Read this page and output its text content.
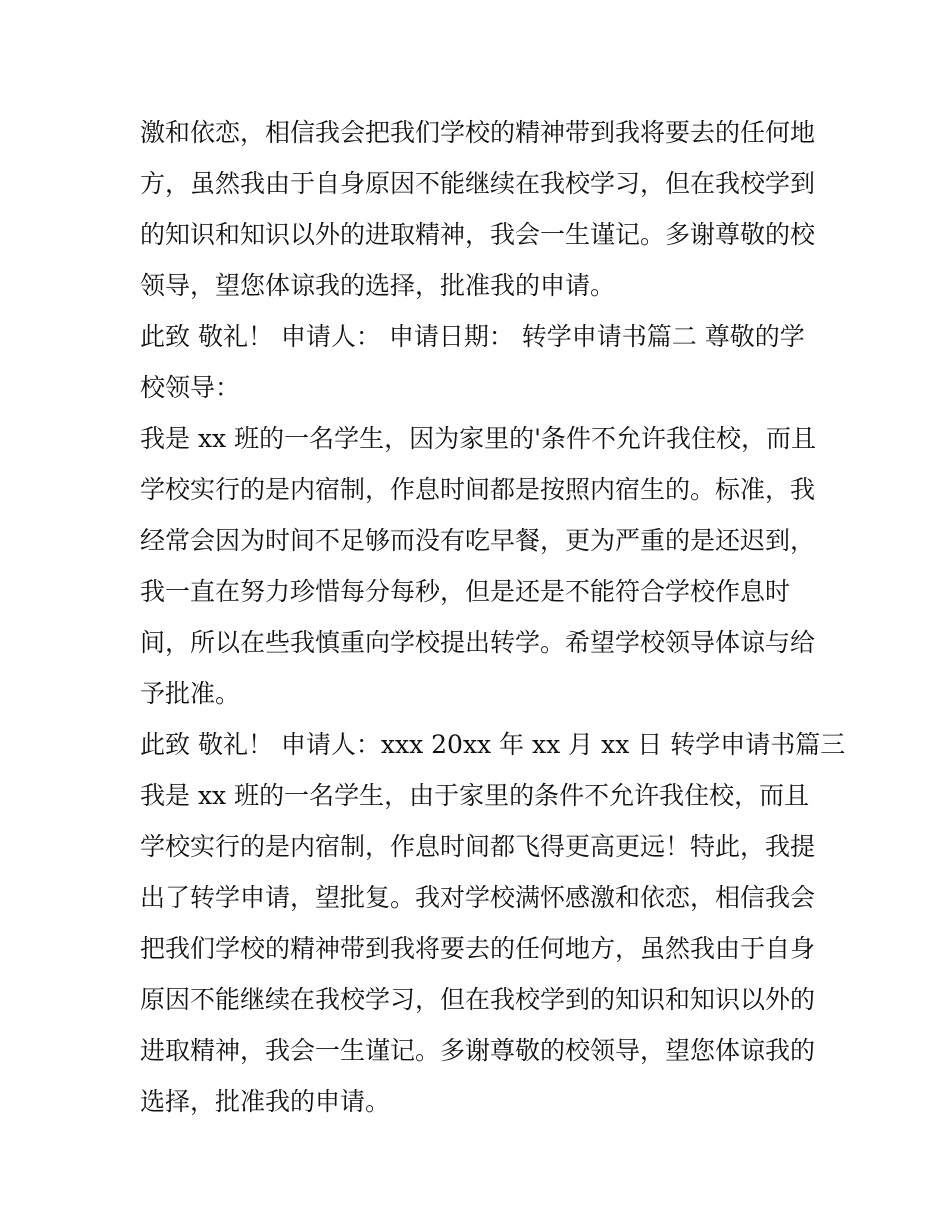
激和依恋，相信我会把我们学校的精神带到我将要去的任何地
方，虽然我由于自身原因不能继续在我校学习，但在我校学到
的知识和知识以外的进取精神，我会一生谨记。多谢尊敬的校
领导，望您体谅我的选择，批准我的申请。
此致 敬礼！ 申请人： 申请日期： 转学申请书篇二 尊敬的学
校领导：
我是 xx 班的一名学生，因为家里的'条件不允许我住校，而且
学校实行的是内宿制，作息时间都是按照内宿生的。标准，我
经常会因为时间不足够而没有吃早餐，更为严重的是还迟到，
我一直在努力珍惜每分每秒，但是还是不能符合学校作息时
间，所以在些我慎重向学校提出转学。希望学校领导体谅与给
予批准。
此致 敬礼！ 申请人：xxx 20xx 年 xx 月 xx 日 转学申请书篇三
我是 xx 班的一名学生，由于家里的条件不允许我住校，而且
学校实行的是内宿制，作息时间都飞得更高更远！特此，我提
出了转学申请，望批复。我对学校满怀感激和依恋，相信我会
把我们学校的精神带到我将要去的任何地方，虽然我由于自身
原因不能继续在我校学习，但在我校学到的知识和知识以外的
进取精神，我会一生谨记。多谢尊敬的校领导，望您体谅我的
选择，批准我的申请。
